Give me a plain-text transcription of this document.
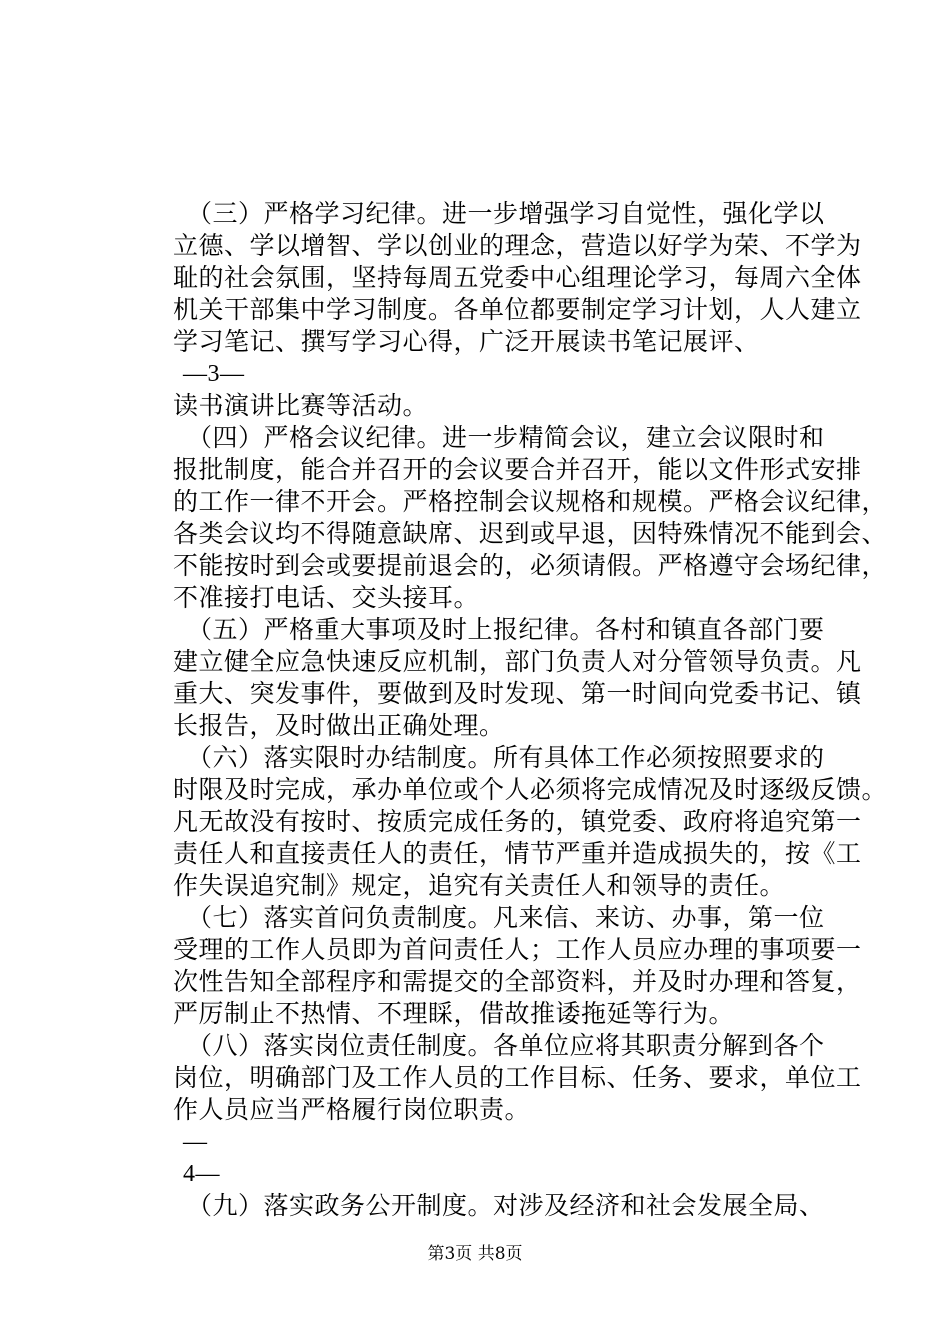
（三）严格学习纪律。进一步增强学习自觉性，强化学以
立德、学以增智、学以创业的理念，营造以好学为荣、不学为
耻的社会氛围，坚持每周五党委中心组理论学习，每周六全体
机关干部集中学习制度。各单位都要制定学习计划，人人建立
学习笔记、撰写学习心得，广泛开展读书笔记展评、
—3—
读书演讲比赛等活动。
（四）严格会议纪律。进一步精简会议，建立会议限时和
报批制度，能合并召开的会议要合并召开，能以文件形式安排
的工作一律不开会。严格控制会议规格和规模。严格会议纪律，
各类会议均不得随意缺席、迟到或早退，因特殊情况不能到会、
不能按时到会或要提前退会的，必须请假。严格遵守会场纪律，
不准接打电话、交头接耳。
（五）严格重大事项及时上报纪律。各村和镇直各部门要
建立健全应急快速反应机制，部门负责人对分管领导负责。凡
重大、突发事件，要做到及时发现、第一时间向党委书记、镇
长报告，及时做出正确处理。
（六）落实限时办结制度。所有具体工作必须按照要求的
时限及时完成，承办单位或个人必须将完成情况及时逐级反馈。
凡无故没有按时、按质完成任务的，镇党委、政府将追究第一
责任人和直接责任人的责任，情节严重并造成损失的，按《工
作失误追究制》规定，追究有关责任人和领导的责任。
（七）落实首问负责制度。凡来信、来访、办事，第一位
受理的工作人员即为首问责任人；工作人员应办理的事项要一
次性告知全部程序和需提交的全部资料，并及时办理和答复，
严厉制止不热情、不理睬，借故推诿拖延等行为。
（八）落实岗位责任制度。各单位应将其职责分解到各个
岗位，明确部门及工作人员的工作目标、任务、要求，单位工
作人员应当严格履行岗位职责。
—
4—
（九）落实政务公开制度。对涉及经济和社会发展全局、
第3页 共8页
